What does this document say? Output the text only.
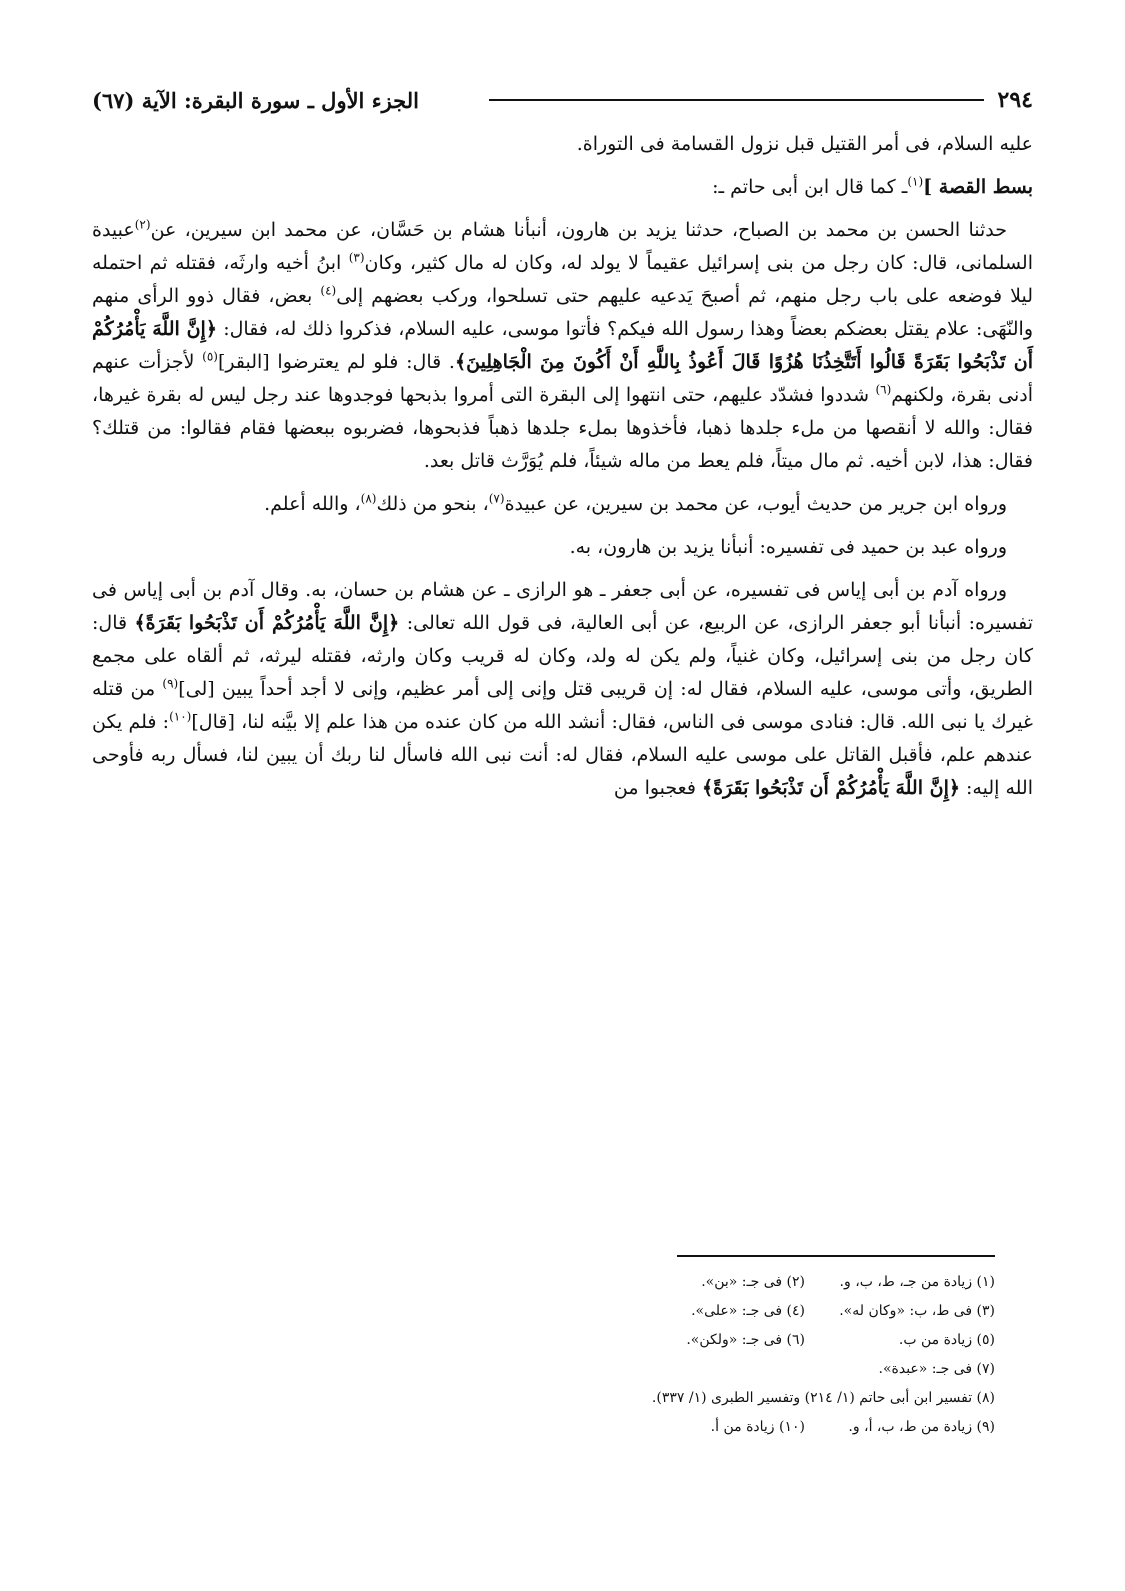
٢٩٤
الجزء الأول ـ سورة البقرة: الآية (٦٧)

عليه السلام، فى أمر القتيل قبل نزول القسامة فى التوراة.

بسط القصة ]$^{(١)}$ـ كما قال ابن أبى حاتم ـ:

حدثنا الحسن بن محمد بن الصباح، حدثنا يزيد بن هارون، أنبأنا هشام بن حَسَّان، عن محمد ابن سيرين، عن$^{(٢)}$عبيدة السلمانى، قال: كان رجل من بنى إسرائيل عقيماً لا يولد له، وكان له مال كثير، وكان$^{(٣)}$ ابنُ أخيه وارثَه، فقتله ثم احتمله ليلا فوضعه على باب رجل منهم، ثم أصبحَ يَدعيه عليهم حتى تسلحوا، وركب بعضهم إلى$^{(٤)}$ بعض، فقال ذوو الرأى منهم والنّهَى: علام يقتل بعضكم بعضاً وهذا رسول الله فيكم؟ فأتوا موسى، عليه السلام، فذكروا ذلك له، فقال: ﴿إِنَّ اللَّهَ يَأْمُرُكُمْ أَن تَذْبَحُوا بَقَرَةً قَالُوا أَتَتَّخِذُنَا هُزُوًا قَالَ أَعُوذُ بِاللَّهِ أَنْ أَكُونَ مِنَ الْجَاهِلِينَ﴾. قال: فلو لم يعترضوا [البقر]$^{(٥)}$ لأجزأت عنهم أدنى بقرة، ولكنهم$^{(٦)}$ شددوا فشدّد عليهم، حتى انتهوا إلى البقرة التى أمروا بذبحها فوجدوها عند رجل ليس له بقرة غيرها، فقال: والله لا أنقصها من ملء جلدها ذهبا، فأخذوها بملء جلدها ذهباً فذبحوها، فضربوه ببعضها فقام فقالوا: من قتلك؟ فقال: هذا، لابن أخيه. ثم مال ميتاً، فلم يعط من ماله شيئاً، فلم يُوَرَّث قاتل بعد.

ورواه ابن جرير من حديث أيوب، عن محمد بن سيرين، عن عبيدة$^{(٧)}$، بنحو من ذلك$^{(٨)}$، والله أعلم.

ورواه عبد بن حميد فى تفسيره: أنبأنا يزيد بن هارون، به.

ورواه آدم بن أبى إياس فى تفسيره، عن أبى جعفر ـ هو الرازى ـ عن هشام بن حسان، به. وقال آدم بن أبى إياس فى تفسيره: أنبأنا أبو جعفر الرازى، عن الربيع، عن أبى العالية، فى قول الله تعالى: ﴿إِنَّ اللَّهَ يَأْمُرُكُمْ أَن تَذْبَحُوا بَقَرَةً﴾ قال: كان رجل من بنى إسرائيل، وكان غنياً، ولم يكن له ولد، وكان له قريب وكان وارثه، فقتله ليرثه، ثم ألقاه على مجمع الطريق، وأتى موسى، عليه السلام، فقال له: إن قريبى قتل وإنى إلى أمر عظيم، وإنى لا أجد أحداً يبين [لى]$^{(٩)}$ من قتله غيرك يا نبى الله. قال: فنادى موسى فى الناس، فقال: أنشد الله من كان عنده من هذا علم إلا بيَّنه لنا، [قال]$^{(١٠)}$: فلم يكن عندهم علم، فأقبل القاتل على موسى عليه السلام، فقال له: أنت نبى الله فاسأل لنا ربك أن يبين لنا، فسأل ربه فأوحى الله إليه: ﴿إِنَّ اللَّهَ يَأْمُرُكُمْ أَن تَذْبَحُوا بَقَرَةً﴾ فعجبوا من

(١) زيادة من جـ، ط، ب، و.
(٢) فى جـ: «بن».
(٣) فى ط، ب: «وكان له».
(٤) فى جـ: «على».
(٥) زيادة من ب.
(٦) فى جـ: «ولكن».
(٧) فى جـ: «عبدة».
(٨) تفسير ابن أبى حاتم (١/ ٢١٤) وتفسير الطبرى (١/ ٣٣٧).
(٩) زيادة من ط، ب، أ، و.
(١٠) زيادة من أ.
